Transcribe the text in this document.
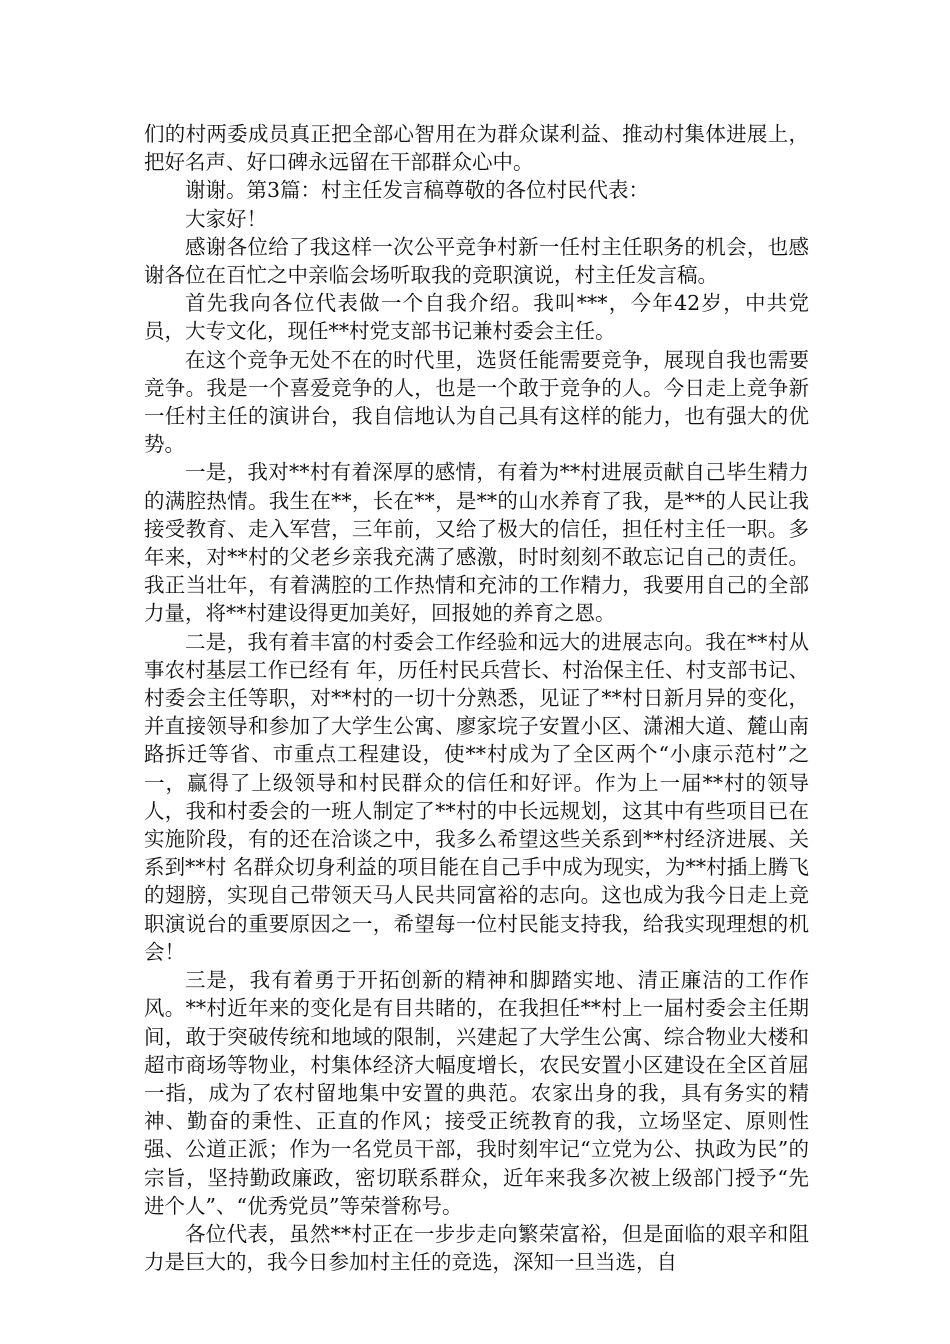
们的村两委成员真正把全部心智用在为群众谋利益、推动村集体进展上，把好名声、好口碑永远留在干部群众心中。

谢谢。第3篇：村主任发言稿尊敬的各位村民代表：

大家好！

感谢各位给了我这样一次公平竞争村新一任村主任职务的机会，也感谢各位在百忙之中亲临会场听取我的竞职演说，村主任发言稿。

首先我向各位代表做一个自我介绍。我叫***，今年42岁，中共党员，大专文化，现任**村党支部书记兼村委会主任。

在这个竞争无处不在的时代里，选贤任能需要竞争，展现自我也需要竞争。我是一个喜爱竞争的人，也是一个敢于竞争的人。今日走上竞争新一任村主任的演讲台，我自信地认为自己具有这样的能力，也有强大的优势。

一是，我对**村有着深厚的感情，有着为**村进展贡献自己毕生精力的满腔热情。我生在**，长在**，是**的山水养育了我，是**的人民让我接受教育、走入军营，三年前，又给了极大的信任，担任村主任一职。多年来，对**村的父老乡亲我充满了感激，时时刻刻不敢忘记自己的责任。我正当壮年，有着满腔的工作热情和充沛的工作精力，我要用自己的全部力量，将**村建设得更加美好，回报她的养育之恩。

二是，我有着丰富的村委会工作经验和远大的进展志向。我在**村从事农村基层工作已经有 年，历任村民兵营长、村治保主任、村支部书记、村委会主任等职，对**村的一切十分熟悉，见证了**村日新月异的变化，并直接领导和参加了大学生公寓、廖家垸子安置小区、潇湘大道、麓山南路拆迁等省、市重点工程建设，使**村成为了全区两个“小康示范村”之一，赢得了上级领导和村民群众的信任和好评。作为上一届**村的领导人，我和村委会的一班人制定了**村的中长远规划，这其中有些项目已在实施阶段，有的还在洽谈之中，我多么希望这些关系到**村经济进展、关系到**村 名群众切身利益的项目能在自己手中成为现实，为**村插上腾飞的翅膀，实现自己带领天马人民共同富裕的志向。这也成为我今日走上竞职演说台的重要原因之一，希望每一位村民能支持我，给我实现理想的机会！

三是，我有着勇于开拓创新的精神和脚踏实地、清正廉洁的工作作风。**村近年来的变化是有目共睹的，在我担任**村上一届村委会主任期间，敢于突破传统和地域的限制，兴建起了大学生公寓、综合物业大楼和超市商场等物业，村集体经济大幅度增长，农民安置小区建设在全区首屈一指，成为了农村留地集中安置的典范。农家出身的我，具有务实的精神、勤奋的秉性、正直的作风；接受正统教育的我，立场坚定、原则性强、公道正派；作为一名党员干部，我时刻牢记“立党为公、执政为民”的宗旨，坚持勤政廉政，密切联系群众，近年来我多次被上级部门授予“先进个人”、“优秀党员”等荣誉称号。

各位代表，虽然**村正在一步步走向繁荣富裕，但是面临的艰辛和阻力是巨大的，我今日参加村主任的竞选，深知一旦当选，自
